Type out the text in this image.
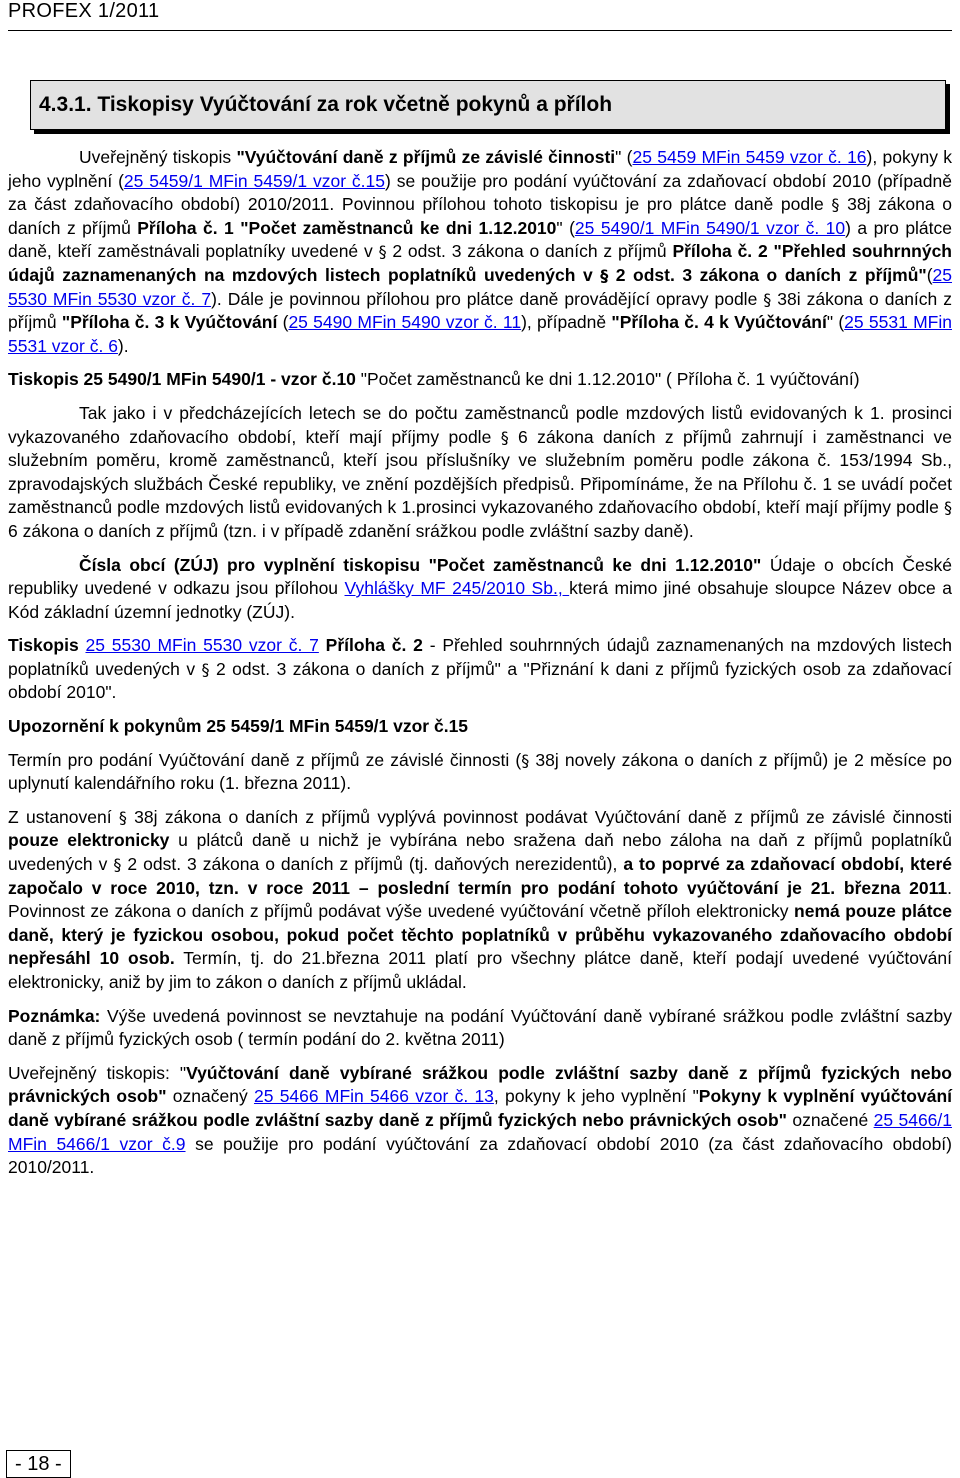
PROFEX 1/2011
4.3.1. Tiskopisy Vyúčtování za rok včetně pokynů a příloh

Uveřejněný tiskopis "Vyúčtování daně z příjmů ze závislé činnosti" (25 5459 MFin 5459 vzor č. 16), pokyny k jeho vyplnění (25 5459/1 MFin 5459/1 vzor č.15) se použije pro podání vyúčtování za zdaňovací období 2010 (případně za část zdaňovacího období) 2010/2011. Povinnou přílohou tohoto tiskopisu je pro plátce daně podle § 38j zákona o daních z příjmů Příloha č. 1 "Počet zaměstnanců ke dni 1.12.2010" (25 5490/1 MFin 5490/1 vzor č. 10) a pro plátce daně, kteří zaměstnávali poplatníky uvedené v § 2 odst. 3 zákona o daních z příjmů Příloha č. 2 "Přehled souhrnných údajů zaznamenaných na mzdových listech poplatníků uvedených v § 2 odst. 3 zákona o daních z příjmů"(25 5530 MFin 5530 vzor č. 7). Dále je povinnou přílohou pro plátce daně provádějící opravy podle § 38i zákona o daních z příjmů "Příloha č. 3 k Vyúčtování (25 5490 MFin 5490 vzor č. 11), případně "Příloha č. 4 k Vyúčtování" (25 5531 MFin 5531 vzor č. 6).

Tiskopis 25 5490/1 MFin 5490/1 - vzor č.10 "Počet zaměstnanců ke dni 1.12.2010" ( Příloha č. 1 vyúčtování)

Tak jako i v předcházejících letech se do počtu zaměstnanců podle mzdových listů evidovaných k 1. prosinci vykazovaného zdaňovacího období, kteří mají příjmy podle § 6 zákona daních z příjmů zahrnují i zaměstnanci ve služebním poměru, kromě zaměstnanců, kteří jsou příslušníky ve služebním poměru podle zákona č. 153/1994 Sb., zpravodajských službách České republiky, ve znění pozdějších předpisů. Připomínáme, že na Přílohu č. 1 se uvádí počet zaměstnanců podle mzdových listů evidovaných k 1.prosinci vykazovaného zdaňovacího období, kteří mají příjmy podle § 6 zákona o daních z příjmů (tzn. i v případě zdanění srážkou podle zvláštní sazby daně).

Čísla obcí (ZÚJ) pro vyplnění tiskopisu "Počet zaměstnanců ke dni 1.12.2010" Údaje o obcích České republiky uvedené v odkazu jsou přílohou Vyhlášky MF 245/2010 Sb., která mimo jiné obsahuje sloupce Název obce a Kód základní územní jednotky (ZÚJ).

Tiskopis 25 5530 MFin 5530 vzor č. 7 Příloha č. 2 - Přehled souhrnných údajů zaznamenaných na mzdových listech poplatníků uvedených v § 2 odst. 3 zákona o daních z příjmů" a "Přiznání k dani z příjmů fyzických osob za zdaňovací období 2010".

Upozornění k pokynům 25 5459/1 MFin 5459/1 vzor č.15

Termín pro podání Vyúčtování daně z příjmů ze závislé činnosti (§ 38j novely zákona o daních z příjmů) je 2 měsíce po uplynutí kalendářního roku (1. března 2011).

Z ustanovení § 38j zákona o daních z příjmů vyplývá povinnost podávat Vyúčtování daně z příjmů ze závislé činnosti pouze elektronicky u plátců daně u nichž je vybírána nebo sražena daň nebo záloha na daň z příjmů poplatníků uvedených v § 2 odst. 3 zákona o daních z příjmů (tj. daňových nerezidentů), a to poprvé za zdaňovací období, které započalo v roce 2010, tzn. v roce 2011 – poslední termín pro podání tohoto vyúčtování je 21. března 2011. Povinnost ze zákona o daních z příjmů podávat výše uvedené vyúčtování včetně příloh elektronicky nemá pouze plátce daně, který je fyzickou osobou, pokud počet těchto poplatníků v průběhu vykazovaného zdaňovacího období nepřesáhl 10 osob. Termín, tj. do 21.března 2011 platí pro všechny plátce daně, kteří podají uvedené vyúčtování elektronicky, aniž by jim to zákon o daních z příjmů ukládal.

Poznámka: Výše uvedená povinnost se nevztahuje na podání Vyúčtování daně vybírané srážkou podle zvláštní sazby daně z příjmů fyzických osob ( termín podání do 2. května 2011)

Uveřejněný tiskopis: "Vyúčtování daně vybírané srážkou podle zvláštní sazby daně z příjmů fyzických nebo právnických osob" označený 25 5466 MFin 5466 vzor č. 13, pokyny k jeho vyplnění "Pokyny k vyplnění vyúčtování daně vybírané srážkou podle zvláštní sazby daně z příjmů fyzických nebo právnických osob" označené 25 5466/1 MFin 5466/1 vzor č.9 se použije pro podání vyúčtování za zdaňovací období 2010 (za část zdaňovacího období) 2010/2011.

- 18 -
